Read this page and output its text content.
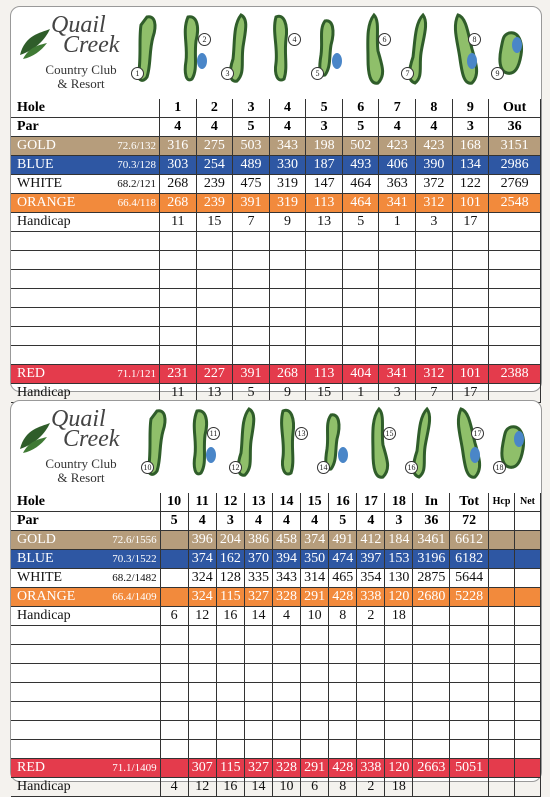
Quail
Creek
Country Club
& Resort
1
2
3
4
5
6
7
8
9
Hole	1	2	3	4	5	6	7	8	9	Out
Par	4	4	5	4	3	5	4	4	3	36
GOLD 72.6/132	316	275	503	343	198	502	423	423	168	3151
BLUE 70.3/128	303	254	489	330	187	493	406	390	134	2986
WHITE 68.2/121	268	239	475	319	147	464	363	372	122	2769
ORANGE 66.4/118	268	239	391	319	113	464	341	312	101	2548
Handicap	11	15	7	9	13	5	1	3	17	

RED 71.1/121	231	227	391	268	113	404	341	312	101	2388
Handicap	11	13	5	9	15	1	3	7	17	
Quail
Creek
Country Club
& Resort
10
11
12
13
14
15
16
17
18
Hole	10	11	12	13	14	15	16	17	18	In	Tot	Hcp	Net
Par	5	4	3	4	4	4	5	4	3	36	72		
GOLD 72.6/1556		396	204	386	458	374	491	412	184	3461	6612		
BLUE 70.3/1522		374	162	370	394	350	474	397	153	3196	6182		
WHITE 68.2/1482		324	128	335	343	314	465	354	130	2875	5644		
ORANGE 66.4/1409		324	115	327	328	291	428	338	120	2680	5228		
Handicap	6	12	16	14	4	10	8	2	18				

RED 71.1/1409		307	115	327	328	291	428	338	120	2663	5051		
Handicap	4	12	16	14	10	6	8	2	18				
